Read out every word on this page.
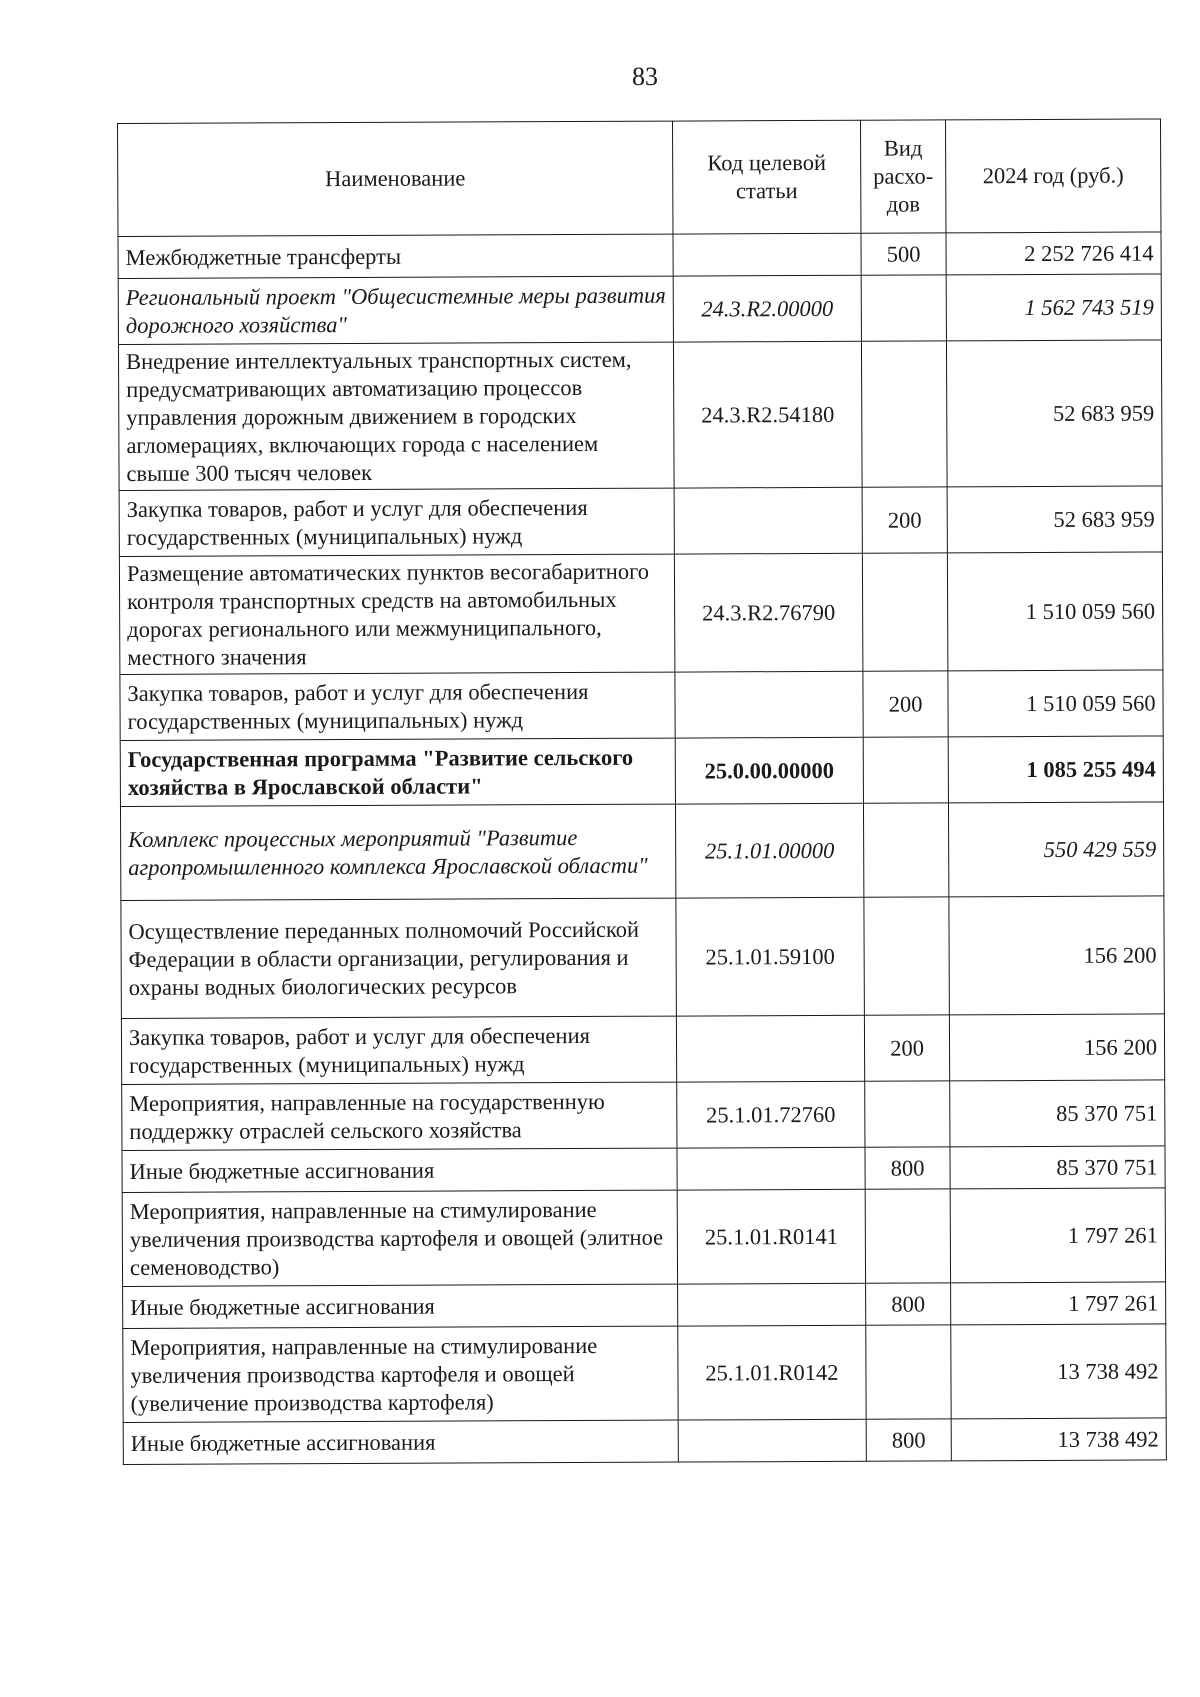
83
Наименование	Код целевой статьи	Вид расхо-дов	2024 год (руб.)
Межбюджетные трансферты		500	2 252 726 414
Региональный проект "Общесистемные меры развития дорожного хозяйства"	24.3.R2.00000		1 562 743 519
Внедрение интеллектуальных транспортных систем, предусматривающих автоматизацию процессов управления дорожным движением в городских агломерациях, включающих города с населением свыше 300 тысяч человек	24.3.R2.54180		52 683 959
Закупка товаров, работ и услуг для обеспечения государственных (муниципальных) нужд		200	52 683 959
Размещение автоматических пунктов весогабаритного контроля транспортных средств на автомобильных дорогах регионального или межмуниципального, местного значения	24.3.R2.76790		1 510 059 560
Закупка товаров, работ и услуг для обеспечения государственных (муниципальных) нужд		200	1 510 059 560
Государственная программа "Развитие сельского хозяйства в Ярославской области"	25.0.00.00000		1 085 255 494
Комплекс процессных мероприятий "Развитие агропромышленного комплекса Ярославской области"	25.1.01.00000		550 429 559
Осуществление переданных полномочий Российской Федерации в области организации, регулирования и охраны водных биологических ресурсов	25.1.01.59100		156 200
Закупка товаров, работ и услуг для обеспечения государственных (муниципальных) нужд		200	156 200
Мероприятия, направленные на государственную поддержку отраслей сельского хозяйства	25.1.01.72760		85 370 751
Иные бюджетные ассигнования		800	85 370 751
Мероприятия, направленные на стимулирование увеличения производства картофеля и овощей (элитное семеноводство)	25.1.01.R0141		1 797 261
Иные бюджетные ассигнования		800	1 797 261
Мероприятия, направленные на стимулирование увеличения производства картофеля и овощей (увеличение производства картофеля)	25.1.01.R0142		13 738 492
Иные бюджетные ассигнования		800	13 738 492
